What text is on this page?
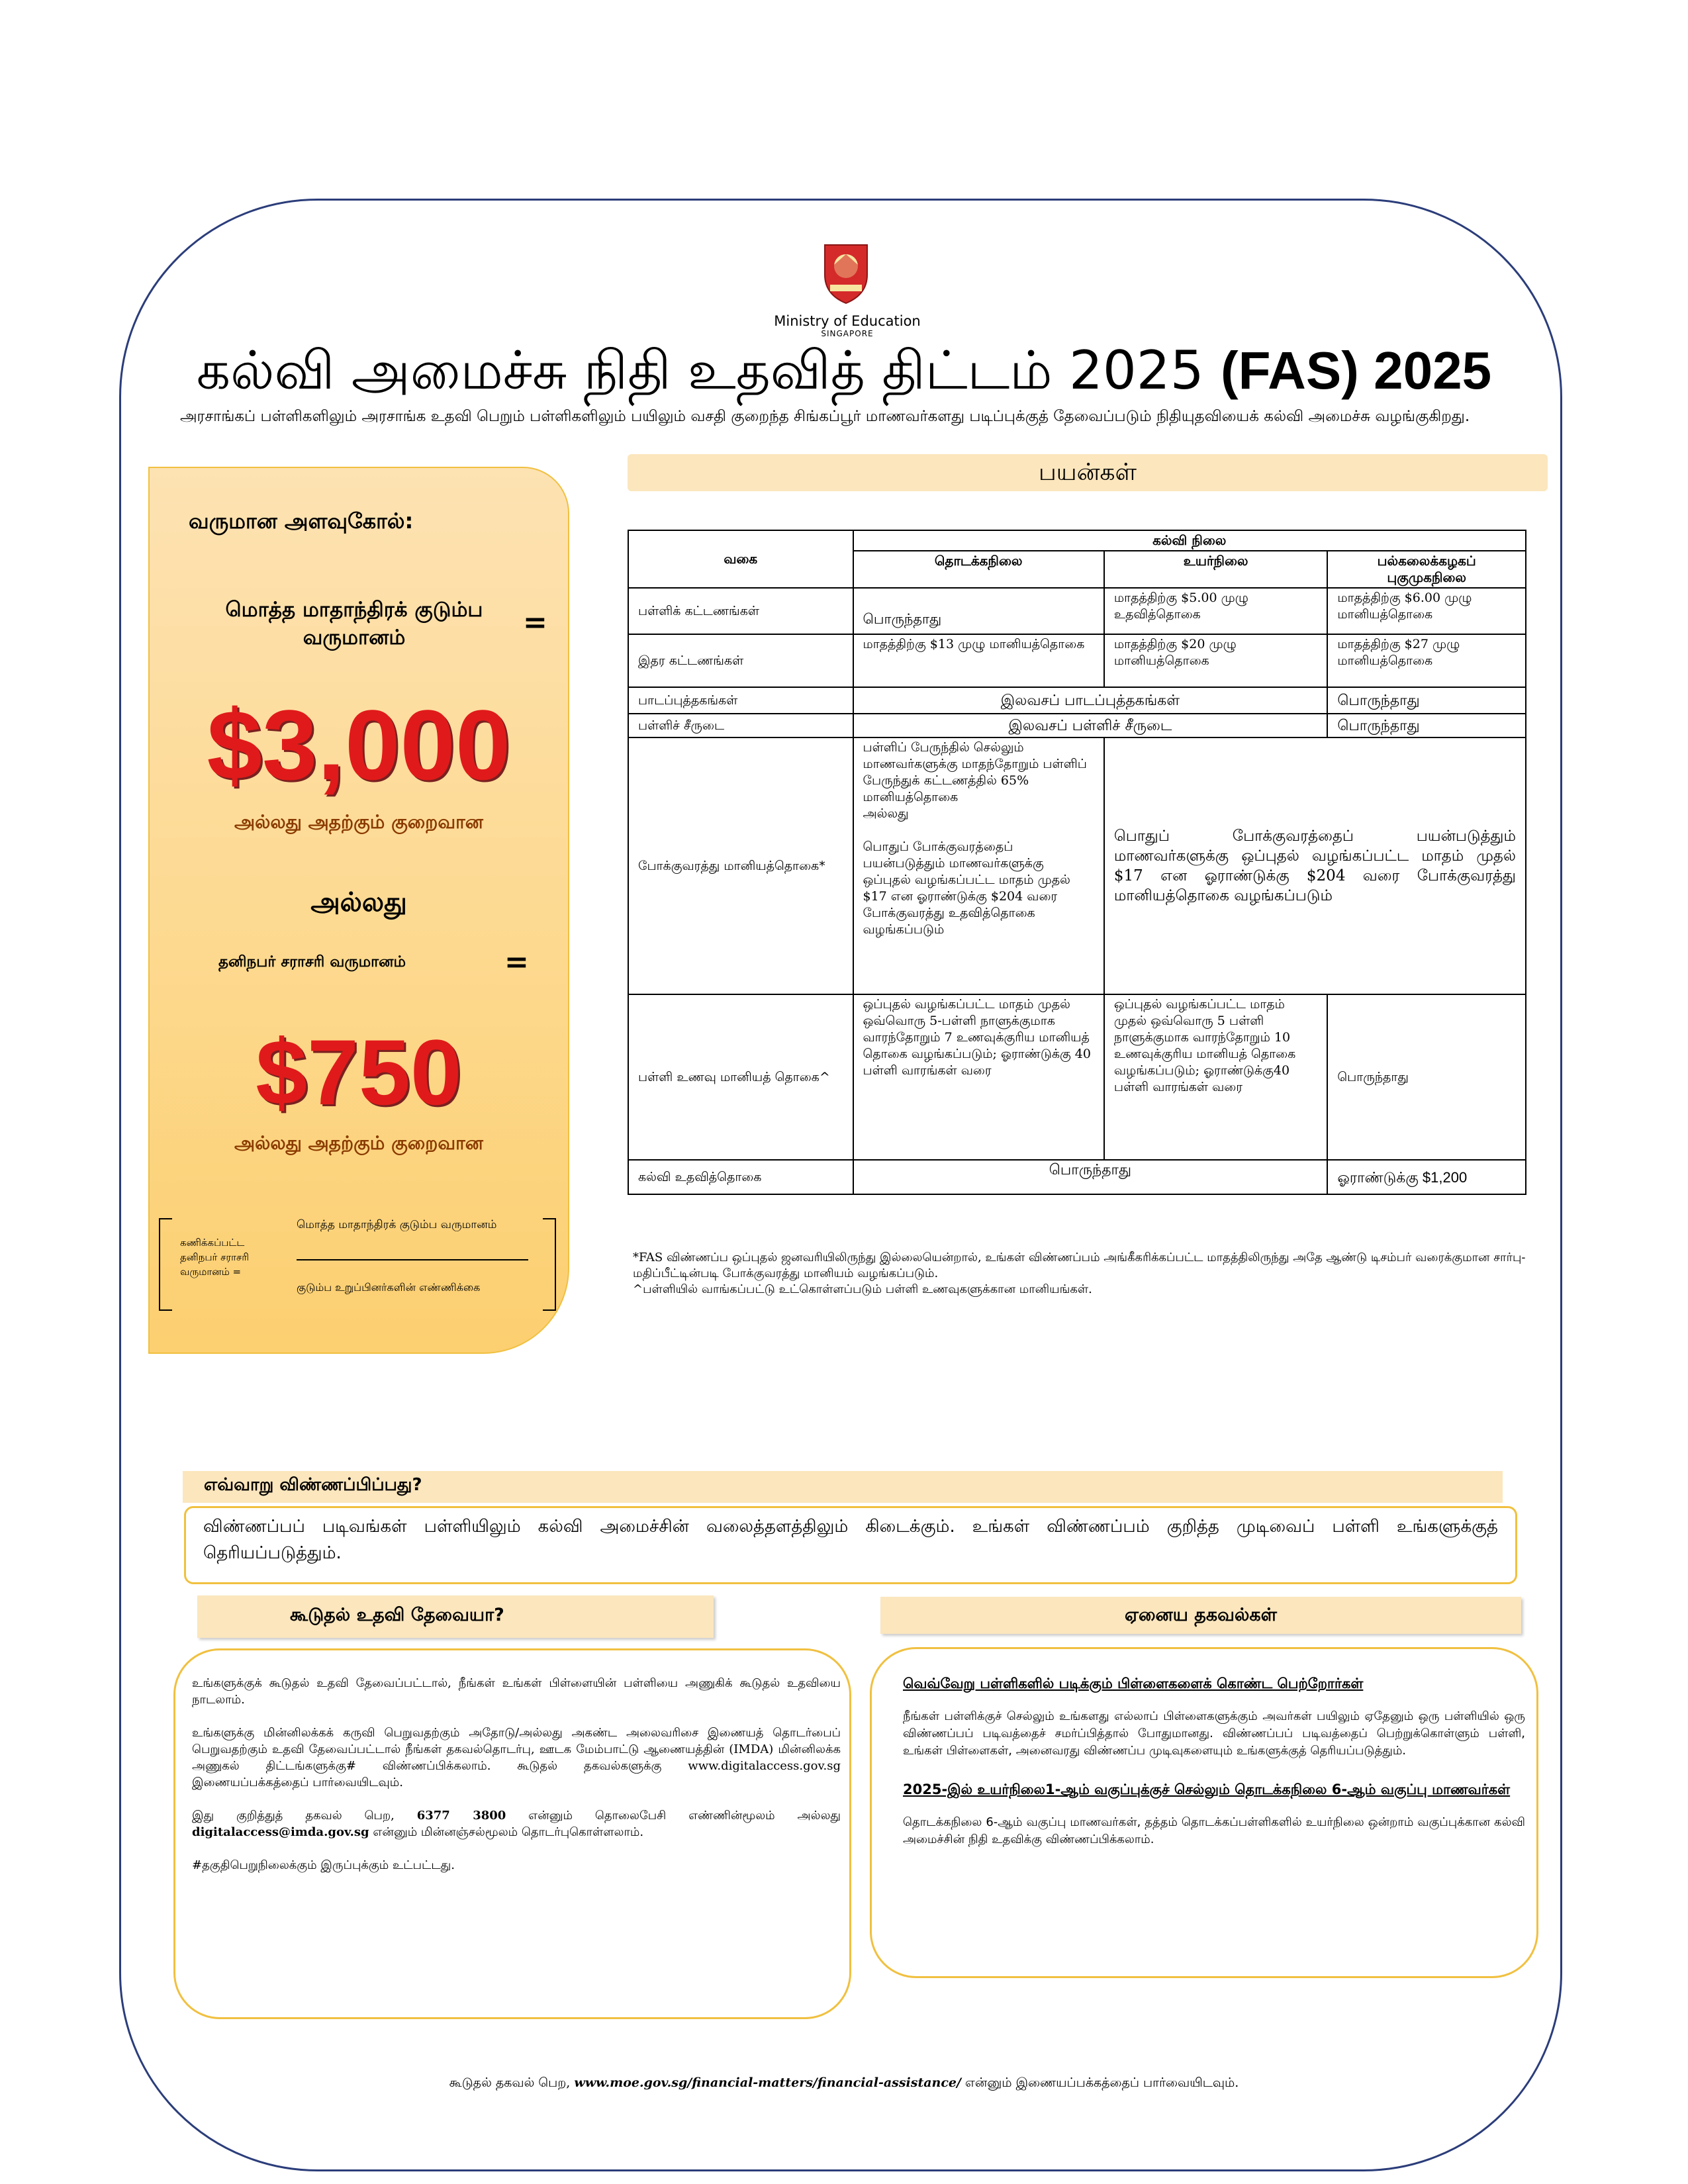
Ministry of Education
SINGAPORE
கல்வி அமைச்சு நிதி உதவித் திட்டம் 2025 (FAS) 2025
அரசாங்கப் பள்ளிகளிலும் அரசாங்க உதவி பெறும் பள்ளிகளிலும் பயிலும் வசதி குறைந்த சிங்கப்பூர் மாணவர்களது படிப்புக்குத் தேவைப்படும் நிதியுதவியைக் கல்வி அமைச்சு வழங்குகிறது.
வருமான அளவுகோல்:
மொத்த மாதாந்திரக் குடும்ப வருமானம்	=
$3,000
அல்லது அதற்கும் குறைவான
அல்லது
தனிநபர் சராசரி வருமானம்	=
$750
அல்லது அதற்கும் குறைவான
கணிக்கப்பட்ட தனிநபர் சராசரி வருமானம் =
மொத்த மாதாந்திரக் குடும்ப வருமானம்
குடும்ப உறுப்பினர்களின் எண்ணிக்கை
பயன்கள்
வகை	கல்வி நிலை		
	தொடக்கநிலை	உயர்நிலை	பல்கலைக்கழகப் புகுமுகநிலை
பள்ளிக் கட்டணங்கள்	பொருந்தாது	மாதத்திற்கு $5.00 முழு உதவித்தொகை	மாதத்திற்கு $6.00 முழு மானியத்தொகை
இதர கட்டணங்கள்	மாதத்திற்கு $13 முழு மானியத்தொகை	மாதத்திற்கு $20 முழு மானியத்தொகை	மாதத்திற்கு $27 முழு மானியத்தொகை
பாடப்புத்தகங்கள்	இலவசப் பாடப்புத்தகங்கள்		பொருந்தாது
பள்ளிச் சீருடை	இலவசப் பள்ளிச் சீருடை		பொருந்தாது
போக்குவரத்து மானியத்தொகை*	பள்ளிப் பேருந்தில் செல்லும் மாணவர்களுக்கு மாதந்தோறும் பள்ளிப் பேருந்துக் கட்டணத்தில் 65% மானியத்தொகை
அல்லது
பொதுப் போக்குவரத்தைப் பயன்படுத்தும் மாணவர்களுக்கு ஒப்புதல் வழங்கப்பட்ட மாதம் முதல் $17 என ஓராண்டுக்கு $204 வரை போக்குவரத்து உதவித்தொகை வழங்கப்படும்	பொதுப் போக்குவரத்தைப் பயன்படுத்தும் மாணவர்களுக்கு ஒப்புதல் வழங்கப்பட்ட மாதம் முதல் $17 என ஓராண்டுக்கு $204 வரை போக்குவரத்து மானியத்தொகை வழங்கப்படும்	
பள்ளி உணவு மானியத் தொகை^	ஒப்புதல் வழங்கப்பட்ட மாதம் முதல் ஒவ்வொரு 5-பள்ளி நாளுக்குமாக வாரந்தோறும் 7 உணவுக்குரிய மானியத் தொகை வழங்கப்படும்; ஓராண்டுக்கு 40 பள்ளி வாரங்கள் வரை	ஒப்புதல் வழங்கப்பட்ட மாதம் முதல் ஒவ்வொரு 5 பள்ளி நாளுக்குமாக வாரந்தோறும் 10 உணவுக்குரிய மானியத் தொகை வழங்கப்படும்; ஓராண்டுக்கு40 பள்ளி வாரங்கள் வரை	பொருந்தாது
கல்வி உதவித்தொகை	பொருந்தாது		ஓராண்டுக்கு $1,200
*FAS விண்ணப்ப ஒப்புதல் ஜனவரியிலிருந்து இல்லையென்றால், உங்கள் விண்ணப்பம் அங்கீகரிக்கப்பட்ட மாதத்திலிருந்து அதே ஆண்டு டிசம்பர் வரைக்குமான சார்பு-மதிப்பீட்டின்படி போக்குவரத்து மானியம் வழங்கப்படும்.
^பள்ளியில் வாங்கப்பட்டு உட்கொள்ளப்படும் பள்ளி உணவுகளுக்கான மானியங்கள்.
எவ்வாறு விண்ணப்பிப்பது?
விண்ணப்பப் படிவங்கள் பள்ளியிலும் கல்வி அமைச்சின் வலைத்தளத்திலும் கிடைக்கும். உங்கள் விண்ணப்பம் குறித்த முடிவைப் பள்ளி உங்களுக்குத் தெரியப்படுத்தும்.
கூடுதல் உதவி தேவையா?	ஏனைய தகவல்கள்

உங்களுக்குக் கூடுதல் உதவி தேவைப்பட்டால், நீங்கள் உங்கள் பிள்ளையின் பள்ளியை அணுகிக் கூடுதல் உதவியை நாடலாம்.

உங்களுக்கு மின்னிலக்கக் கருவி பெறுவதற்கும் அதோடு/அல்லது அகண்ட அலைவரிசை இணையத் தொடர்பைப் பெறுவதற்கும் உதவி தேவைப்பட்டால் நீங்கள் தகவல்தொடர்பு, ஊடக மேம்பாட்டு ஆணையத்தின் (IMDA) மின்னிலக்க அணுகல் திட்டங்களுக்கு# விண்ணப்பிக்கலாம். கூடுதல் தகவல்களுக்கு www.digitalaccess.gov.sg இணையப்பக்கத்தைப் பார்வையிடவும்.

இது குறித்துத் தகவல் பெற, 6377 3800 என்னும் தொலைபேசி எண்ணின்மூலம் அல்லது digitalaccess@imda.gov.sg என்னும் மின்னஞ்சல்மூலம் தொடர்புகொள்ளலாம்.

#தகுதிபெறுநிலைக்கும் இருப்புக்கும் உட்பட்டது.

வெவ்வேறு பள்ளிகளில் படிக்கும் பிள்ளைகளைக் கொண்ட பெற்றோர்கள்

நீங்கள் பள்ளிக்குச் செல்லும் உங்களது எல்லாப் பிள்ளைகளுக்கும் அவர்கள் பயிலும் ஏதேனும் ஒரு பள்ளியில் ஒரு விண்ணப்பப் படிவத்தைச் சமர்ப்பித்தால் போதுமானது. விண்ணப்பப் படிவத்தைப் பெற்றுக்கொள்ளும் பள்ளி, உங்கள் பிள்ளைகள், அனைவரது விண்ணப்ப முடிவுகளையும் உங்களுக்குத் தெரியப்படுத்தும்.

2025-இல் உயர்நிலை1-ஆம் வகுப்புக்குச் செல்லும் தொடக்கநிலை 6-ஆம் வகுப்பு மாணவர்கள்

தொடக்கநிலை 6-ஆம் வகுப்பு மாணவர்கள், தத்தம் தொடக்கப்பள்ளிகளில் உயர்நிலை ஒன்றாம் வகுப்புக்கான கல்வி அமைச்சின் நிதி உதவிக்கு விண்ணப்பிக்கலாம்.

கூடுதல் தகவல் பெற, www.moe.gov.sg/financial-matters/financial-assistance/ என்னும் இணையப்பக்கத்தைப் பார்வையிடவும்.
